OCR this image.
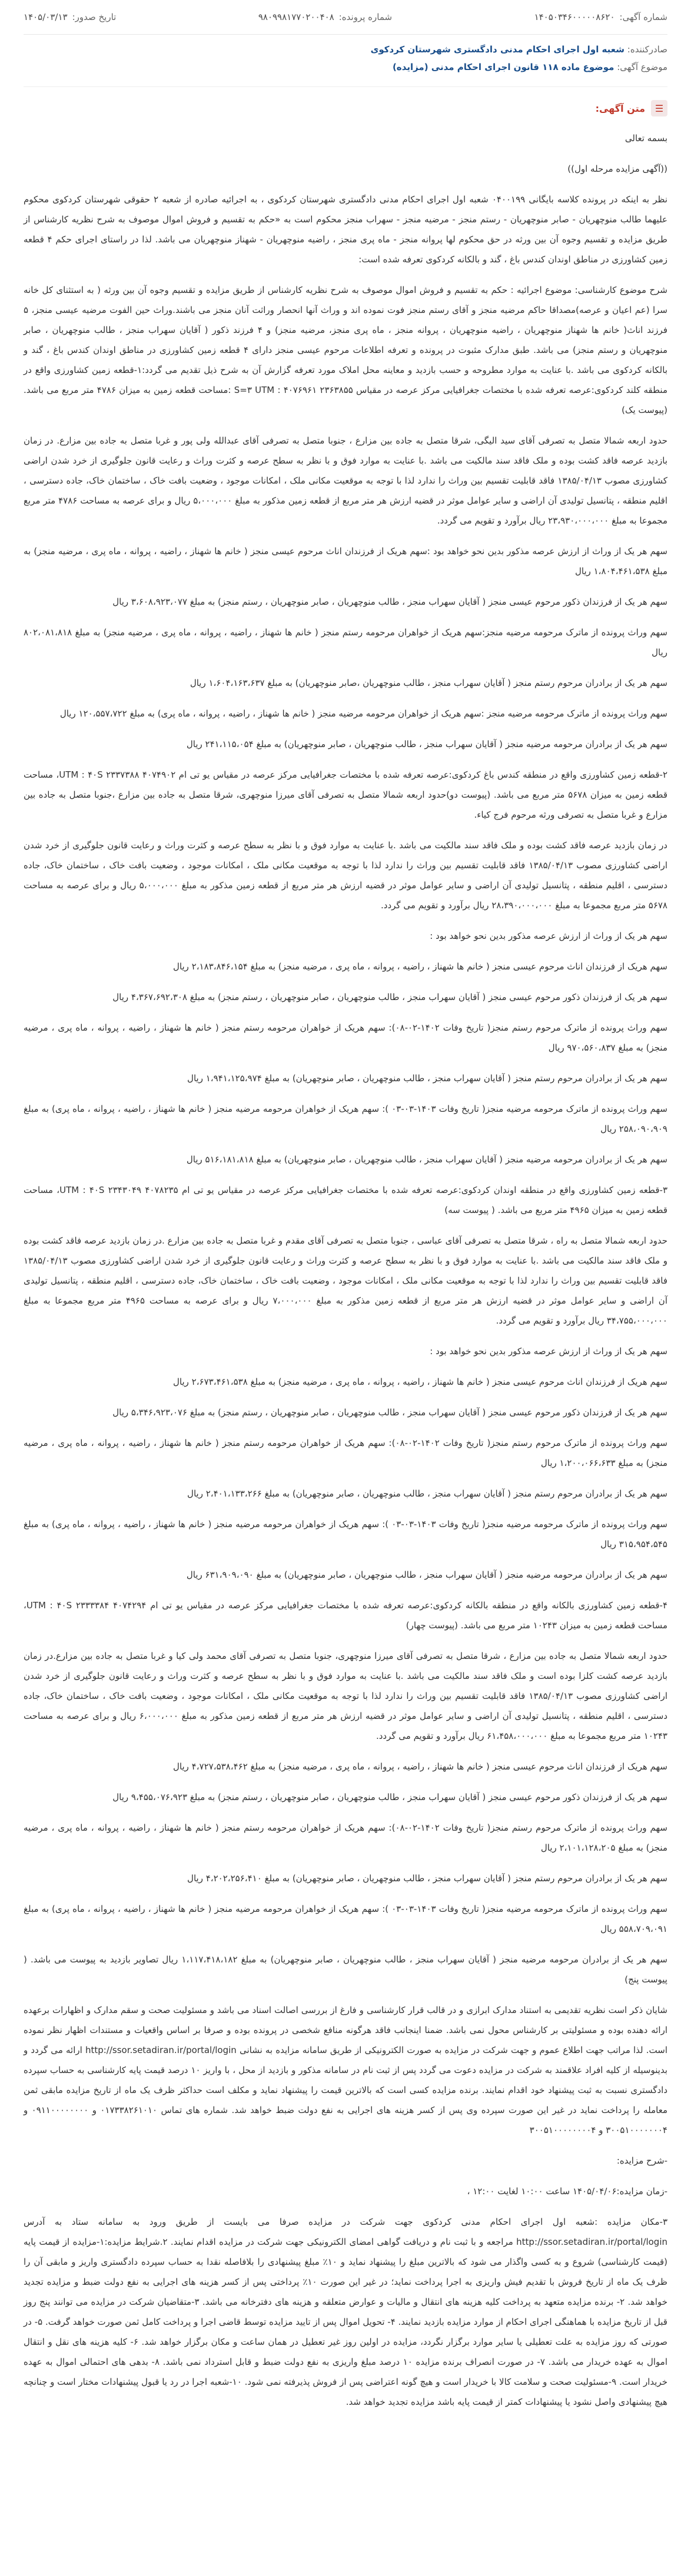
شماره آگهی:
۱۴۰۵۰۳۴۶۰۰۰۰۰۸۶۲۰
شماره پرونده:
۹۸۰۹۹۸۱۷۷۰۲۰۰۴۰۸
تاریخ صدور:
۱۴۰۵/۰۳/۱۳
صادرکننده: شعبه اول اجرای احکام مدنی دادگستری شهرستان کردکوی
موضوع آگهی: موضوع ماده ۱۱۸ قانون اجرای احکام مدنی (مزایده)
☰
متن آگهی:

بسمه تعالی

((آگهی مزایده مرحله اول))

نظر به اینکه در پرونده کلاسه بایگانی ۰۴۰۰۱۹۹ شعبه اول اجرای احکام مدنی دادگستری شهرستان کردکوی ، به اجرائیه صادره از شعبه ۲ حقوقی شهرستان کردکوی محکوم علیهما طالب منوچهریان - صابر منوچهریان - رستم منجز - مرضیه منجز - سهراب منجز محکوم است به «حکم به تقسیم و فروش اموال موصوف به شرح نظریه کارشناس از طریق مزایده و تقسیم وجوه آن بین ورثه در حق محکوم لها پروانه منجز - ماه پری منجز ، راضیه منوچهریان - شهناز منوچهریان می باشد. لذا در راستای اجرای حکم ۴ قطعه زمین کشاورزی در مناطق اوندان کندس باغ ، گند و بالکانه کردکوی تعرفه شده است:

شرح موضوع کارشناسی: موضوع اجرائیه : حکم به تقسیم و فروش اموال موصوف به شرح نظریه کارشناس از طریق مزایده و تقسیم وجوه آن بین ورثه ( به استثنای کل خانه سرا (عم اعیان و عرصه)مصداقا حاکم مرضیه منجز و آقای رستم منجز فوت نموده اند و وراث آنها انحصار وراثت آنان منجز می باشند.وراث حین الفوت مرضیه عیسی منجز، ۵ فرزند اناث( خانم ها شهناز منوچهریان ، راضیه منوچهریان ، پروانه منجز ، ماه پری منجز، مرضیه منجز) و ۴ فرزند ذکور ( آقایان سهراب منجز ، طالب منوچهریان ، صابر منوچهریان و رستم منجز) می باشد. طبق مدارک مثبوت در پرونده و تعرفه اطلاعات مرحوم عیسی منجز دارای ۴ قطعه زمین کشاورزی در مناطق اوندان کندس باغ ، گند و بالکانه کردکوی می باشد .با عنایت به موارد مطروحه و حسب بازدید و معاینه محل املاک مورد تعرفه گزارش آن به شرح ذیل تقدیم می گردد:۱-قطعه زمین کشاورزی واقع در منطقه کلند کردکوی:عرصه تعرفه شده با مختصات جغرافیایی مرکز عرصه در مقیاس ۲۳۶۳۸۵۵ S=۳ UTM : ۴۰۷۶۹۶۱ :مساحت قطعه زمین به میزان ۴۷۸۶ متر مربع می باشد. (پیوست یک)

حدود اربعه شمالا متصل به تصرفی آقای سید الیگی، شرقا متصل به جاده بین مزارع ، جنوبا متصل به تصرفی آقای عبدالله ولی پور و غربا متصل به جاده بین مزارع. در زمان بازدید عرصه فاقد کشت بوده و ملک فاقد سند مالکیت می باشد .با عنایت به موارد فوق و با نظر به سطح عرصه و کثرت وراث و رعایت قانون جلوگیری از خرد شدن اراضی کشاورزی مصوب ۱۳۸۵/۰۴/۱۳ فاقد قابلیت تقسیم بین وراث را ندارد لذا با توجه به موقعیت مکانی ملک ، امکانات موجود ، وضعیت بافت خاک ، ساختمان خاک، جاده دسترسی ، اقلیم منطقه ، پتانسیل تولیدی آن اراضی و سایر عوامل موثر در قضیه ارزش هر متر مربع از قطعه زمین مذکور به مبلغ ۵،۰۰۰،۰۰۰ ریال و برای عرصه به مساحت ۴۷۸۶ متر مربع مجموعا به مبلغ ۲۳،۹۳۰،۰۰۰،۰۰۰ ریال برآورد و تقویم می گردد.

سهم هر یک از وراث از ارزش عرصه مذکور بدین نحو خواهد بود :سهم هریک از فرزندان اناث مرحوم عیسی منجز ( خانم ها شهناز ، راضیه ، پروانه ، ماه پری ، مرضیه منجز) به مبلغ ۱،۸۰۴،۴۶۱،۵۳۸ ریال

سهم هر یک از فرزندان ذکور مرحوم عیسی منجز ( آقایان سهراب منجز ، طالب منوچهریان ، صابر منوچهریان ، رستم منجز) به مبلغ ۳،۶۰۸،۹۲۳،۰۷۷ ریال

سهم وراث پرونده از ماترک مرحومه مرضیه منجز:سهم هریک از خواهران مرحومه رستم منجز ( خانم ها شهناز ، راضیه ، پروانه ، ماه پری ، مرضیه منجز) به مبلغ ۸۰۲،۰۸۱،۸۱۸ ریال

سهم هر یک از برادران مرحوم رستم منجز ( آقایان سهراب منجز ، طالب منوچهریان ،صابر منوچهریان) به مبلغ ۱،۶۰۴،۱۶۳،۶۳۷ ریال

سهم وراث پرونده از ماترک مرحومه مرضیه منجز :سهم هریک از خواهران مرحومه مرضیه منجز ( خانم ها شهناز ، راضیه ، پروانه ، ماه پری) به مبلغ ۱۲۰،۵۵۷،۷۲۲ ریال

سهم هر یک از برادران مرحومه مرضیه منجز ( آقایان سهراب منجز ، طالب منوچهریان ، صابر منوچهریان) به مبلغ ۲۴۱،۱۱۵،۰۵۴ ریال

۲-قطعه زمین کشاورزی واقع در منطقه کندس باغ کردکوی:عرصه تعرفه شده با مختصات جغرافیایی مرکز عرصه در مقیاس یو تی ام UTM : ۴۰S ۲۳۳۷۳۸۸ ۴۰۷۴۹۰۲، مساحت قطعه زمین به میزان ۵۶۷۸ متر مربع می باشد. (پیوست دو)حدود اربعه شمالا متصل به تصرفی آقای میرزا منوچهری، شرقا متصل به جاده بین مزارع ،جنوبا متصل به جاده بین مزارع و غربا متصل به تصرفی ورثه مرحوم فرج کیاء.

در زمان بازدید عرصه فاقد کشت بوده و ملک فاقد سند مالکیت می باشد .با عنایت به موارد فوق و با نظر به سطح عرصه و کثرت وراث و رعایت قانون جلوگیری از خرد شدن اراضی کشاورزی مصوب ۱۳۸۵/۰۴/۱۳ فاقد قابلیت تقسیم بین وراث را ندارد لذا با توجه به موقعیت مکانی ملک ، امکانات موجود ، وضعیت بافت خاک ، ساختمان خاک، جاده دسترسی ، اقلیم منطقه ، پتانسیل تولیدی آن اراضی و سایر عوامل موثر در قضیه ارزش هر متر مربع از قطعه زمین مذکور به مبلغ ۵،۰۰۰،۰۰۰ ریال و برای عرصه به مساحت ۵۶۷۸ متر مربع مجموعا به مبلغ ۲۸،۳۹۰،۰۰۰،۰۰۰ ریال برآورد و تقویم می گردد.

سهم هر یک از وراث از ارزش عرصه مذکور بدین نحو خواهد بود :

سهم هریک از فرزندان اناث مرحوم عیسی منجز ( خانم ها شهناز ، راضیه ، پروانه ، ماه پری ، مرضیه منجز) به مبلغ ۲،۱۸۳،۸۴۶،۱۵۴ ریال

سهم هر یک از فرزندان ذکور مرحوم عیسی منجز ( آقایان سهراب منجز ، طالب منوچهریان ، صابر منوچهریان ، رستم منجز) به مبلغ ۴،۳۶۷،۶۹۲،۳۰۸ ریال

سهم وراث پرونده از ماترک مرحوم رستم منجز( تاریخ وفات ۱۴۰۲-۰۲-۰۸): سهم هریک از خواهران مرحومه رستم منجز ( خانم ها شهناز ، راضیه ، پروانه ، ماه پری ، مرضیه منجز) به مبلغ ۹۷۰،۵۶۰،۸۳۷ ریال

سهم هر یک از برادران مرحوم رستم منجز ( آقایان سهراب منجز ، طالب منوچهریان ، صابر منوچهریان) به مبلغ ۱،۹۴۱،۱۲۵،۹۷۴ ریال

سهم وراث پرونده از ماترک مرحومه مرضیه منجز( تاریخ وفات ۱۴۰۳-۰۳-۰۳ ): سهم هریک از خواهران مرحومه مرضیه منجز ( خانم ها شهناز ، راضیه ، پروانه ، ماه پری) به مبلغ ۲۵۸،۰۹۰،۹۰۹ ریال

سهم هر یک از برادران مرحومه مرضیه منجز ( آقایان سهراب منجز ، طالب منوچهریان ، صابر منوچهریان) به مبلغ ۵۱۶،۱۸۱،۸۱۸ ریال

۳-قطعه زمین کشاورزی واقع در منطقه اوندان کردکوی:عرصه تعرفه شده با مختصات جغرافیایی مرکز عرصه در مقیاس یو تی ام UTM : ۴۰S ۲۳۴۳۰۴۹ ۴۰۷۸۲۳۵، مساحت قطعه زمین به میزان ۴۹۶۵ متر مربع می باشد. ( پیوست سه)

حدود اربعه شمالا متصل به راه ، شرقا متصل به تصرفی آقای عباسی ، جنوبا متصل به تصرفی آقای مقدم و غربا متصل به جاده بین مزارع .در زمان بازدید عرصه فاقد کشت بوده و ملک فاقد سند مالکیت می باشد .با عنایت به موارد فوق و با نظر به سطح عرصه و کثرت وراث و رعایت قانون جلوگیری از خرد شدن اراضی کشاورزی مصوب ۱۳۸۵/۰۴/۱۳ فاقد قابلیت تقسیم بین وراث را ندارد لذا با توجه به موقعیت مکانی ملک ، امکانات موجود ، وضعیت بافت خاک ، ساختمان خاک، جاده دسترسی ، اقلیم منطقه ، پتانسیل تولیدی آن اراضی و سایر عوامل موثر در قضیه ارزش هر متر مربع از قطعه زمین مذکور به مبلغ ۷،۰۰۰،۰۰۰ ریال و برای عرصه به مساحت ۴۹۶۵ متر مربع مجموعا به مبلغ ۳۴،۷۵۵،۰۰۰،۰۰۰ ریال برآورد و تقویم می گردد.

سهم هر یک از وراث از ارزش عرصه مذکور بدین نحو خواهد بود :

سهم هریک از فرزندان اناث مرحوم عیسی منجز ( خانم ها شهناز ، راضیه ، پروانه ، ماه پری ، مرضیه منجز) به مبلغ ۲،۶۷۳،۴۶۱،۵۳۸ ریال

سهم هر یک از فرزندان ذکور مرحوم عیسی منجز ( آقایان سهراب منجز ، طالب منوچهریان ، صابر منوچهریان ، رستم منجز) به مبلغ ۵،۳۴۶،۹۲۳،۰۷۶ ریال

سهم وراث پرونده از ماترک مرحوم رستم منجز( تاریخ وفات ۱۴۰۲-۰۲-۰۸): سهم هریک از خواهران مرحومه رستم منجز ( خانم ها شهناز ، راضیه ، پروانه ، ماه پری ، مرضیه منجز) به مبلغ ۱،۲۰۰،۰۶۶،۶۳۳ ریال

سهم هر یک از برادران مرحوم رستم منجز ( آقایان سهراب منجز ، طالب منوچهریان ، صابر منوچهریان) به مبلغ ۲،۴۰۱،۱۳۳،۲۶۶ ریال

سهم وراث پرونده از ماترک مرحومه مرضیه منجز( تاریخ وفات ۱۴۰۳-۰۳-۰۳ ): سهم هریک از خواهران مرحومه مرضیه منجز ( خانم ها شهناز ، راضیه ، پروانه ، ماه پری) به مبلغ ۳۱۵،۹۵۴،۵۴۵ ریال

سهم هر یک از برادران مرحومه مرضیه منجز ( آقایان سهراب منجز ، طالب منوچهریان ، صابر منوچهریان) به مبلغ ۶۳۱،۹۰۹،۰۹۰ ریال

۴-قطعه زمین کشاورزی بالکانه واقع در منطقه بالکانه کردکوی:عرصه تعرفه شده با مختصات جغرافیایی مرکز عرصه در مقیاس یو تی ام UTM : ۴۰S ۲۳۳۳۳۸۴ ۴۰۷۴۲۹۴، مساحت قطعه زمین به میزان ۱۰۲۴۳ متر مربع می باشد. (پیوست چهار)

حدود اربعه شمالا متصل به جاده بین مزارع ، شرقا متصل به تصرفی آقای میرزا منوچهری، جنوبا متصل به تصرفی آقای محمد ولی کیا و غربا متصل به جاده بین مزارع.در زمان بازدید عرصه کشت کلزا بوده است و ملک فاقد سند مالکیت می باشد .با عنایت به موارد فوق و با نظر به سطح عرصه و کثرت وراث و رعایت قانون جلوگیری از خرد شدن اراضی کشاورزی مصوب ۱۳۸۵/۰۴/۱۳ فاقد قابلیت تقسیم بین وراث را ندارد لذا با توجه به موقعیت مکانی ملک ، امکانات موجود ، وضعیت بافت خاک ، ساختمان خاک، جاده دسترسی ، اقلیم منطقه ، پتانسیل تولیدی آن اراضی و سایر عوامل موثر در قضیه ارزش هر متر مربع از قطعه زمین مذکور به مبلغ ۶،۰۰۰،۰۰۰ ریال و برای عرصه به مساحت ۱۰۲۴۳ متر مربع مجموعا به مبلغ ۶۱،۴۵۸،۰۰۰،۰۰۰ ریال برآورد و تقویم می گردد.

سهم هریک از فرزندان اناث مرحوم عیسی منجز ( خانم ها شهناز ، راضیه ، پروانه ، ماه پری ، مرضیه منجز) به مبلغ ۴،۷۲۷،۵۳۸،۴۶۲ ریال

سهم هر یک از فرزندان ذکور مرحوم عیسی منجز ( آقایان سهراب منجز ، طالب منوچهریان ، صابر منوچهریان ، رستم منجز) به مبلغ ۹،۴۵۵،۰۷۶،۹۲۳ ریال

سهم وراث پرونده از ماترک مرحوم رستم منجز( تاریخ وفات ۱۴۰۲-۰۲-۰۸): سهم هریک از خواهران مرحومه رستم منجز ( خانم ها شهناز ، راضیه ، پروانه ، ماه پری ، مرضیه منجز) به مبلغ ۲،۱۰۱،۱۲۸،۲۰۵ ریال

سهم هر یک از برادران مرحوم رستم منجز ( آقایان سهراب منجز ، طالب منوچهریان ، صابر منوچهریان) به مبلغ ۴،۲۰۲،۲۵۶،۴۱۰ ریال

سهم وراث پرونده از ماترک مرحومه مرضیه منجز( تاریخ وفات ۱۴۰۳-۰۳-۰۳ ): سهم هریک از خواهران مرحومه مرضیه منجز ( خانم ها شهناز ، راضیه ، پروانه ، ماه پری) به مبلغ ۵۵۸،۷۰۹،۰۹۱ ریال

سهم هر یک از برادران مرحومه مرضیه منجز ( آقایان سهراب منجز ، طالب منوچهریان ، صابر منوچهریان) به مبلغ ۱،۱۱۷،۴۱۸،۱۸۲ ریال تصاویر بازدید به پیوست می باشد. ( پیوست پنج)

شایان ذکر است نظریه تقدیمی به استناد مدارک ابرازی و در قالب قرار کارشناسی و فارغ از بررسی اصالت اسناد می باشد و مسئولیت صحت و سقم مدارک و اظهارات برعهده ارائه دهنده بوده و مسئولیتی بر کارشناس محول نمی باشد. ضمنا اینجانب فاقد هرگونه منافع شخصی در پرونده بوده و صرفا بر اساس واقعیات و مستندات اظهار نظر نموده است. لذا مراتب جهت اطلاع عموم و جهت شرکت در مزایده به صورت الکترونیکی از طریق سامانه مزایده به نشانی http://ssor.setadiran.ir/portal/login ارائه می گردد و بدینوسیله از کلیه افراد علاقمند به شرکت در مزایده دعوت می گردد پس از ثبت نام در سامانه مذکور و بازدید از محل ، با واریز ۱۰ درصد قیمت پایه کارشناسی به حساب سپرده دادگستری نسبت به ثبت پیشنهاد خود اقدام نمایند. برنده مزایده کسی است که بالاترین قیمت را پیشنهاد نماید و مکلف است حداکثر ظرف یک ماه از تاریخ مزایده مابقی ثمن معامله را پرداخت نماید در غیر این صورت سپرده وی پس از کسر هزینه های اجرایی به نفع دولت ضبط خواهد شد. شماره های تماس ۰۱۷۳۳۸۲۶۱۰۱۰ و ۰۹۱۱۰۰۰۰۰۰۰۰ و ۳۰۰۵۱۰۰۰۰۰۰۰۴ و ۳۰۰۵۱۰۰۰۰۰۰۰۰۴

-شرح مزایده:

-زمان مزایده:۱۴۰۵/۰۴/۰۶ ساعت ۱۰:۰۰ لغایت ۱۲:۰۰ ،

۳-مکان مزایده :شعبه اول اجرای احکام مدنی کردکوی جهت شرکت در مزایده صرفا می بایست از طریق ورود به سامانه ستاد به آدرس http://ssor.setadiran.ir/portal/login مراجعه و با ثبت نام و دریافت گواهی امضای الکترونیکی جهت شرکت در مزایده اقدام نمایند. ۲.شرایط مزایده:۱-مزایده از قیمت پایه (قیمت کارشناسی) شروع و به کسی واگذار می شود که بالاترین مبلغ را پیشنهاد نماید و ۱۰٪ مبلغ پیشنهادی را بلافاصله نقدا به حساب سپرده دادگستری واریز و مابقی آن را ظرف یک ماه از تاریخ فروش با تقدیم فیش واریزی به اجرا پرداخت نماید؛ در غیر این صورت ۱۰٪ پرداختی پس از کسر هزینه های اجرایی به نفع دولت ضبط و مزایده تجدید خواهد شد. ۲- برنده مزایده متعهد به پرداخت کلیه هزینه های انتقال و مالیات و عوارض متعلقه و هزینه های دفترخانه می باشد. ۳-متقاضیان شرکت در مزایده می توانند پنج روز قبل از تاریخ مزایده با هماهنگی اجرای احکام از موارد مزایده بازدید نمایند. ۴- تحویل اموال پس از تایید مزایده توسط قاضی اجرا و پرداخت کامل ثمن صورت خواهد گرفت. ۵- در صورتی که روز مزایده به علت تعطیلی یا سایر موارد برگزار نگردد، مزایده در اولین روز غیر تعطیل در همان ساعت و مکان برگزار خواهد شد. ۶- کلیه هزینه های نقل و انتقال اموال به عهده خریدار می باشد. ۷- در صورت انصراف برنده مزایده ۱۰ درصد مبلغ واریزی به نفع دولت ضبط و قابل استرداد نمی باشد. ۸- بدهی های احتمالی اموال به عهده خریدار است. ۹-مسئولیت صحت و سلامت کالا با خریدار است و هیچ گونه اعتراضی پس از فروش پذیرفته نمی شود. ۱۰-شعبه اجرا در رد یا قبول پیشنهادات مختار است و چنانچه هیچ پیشنهادی واصل نشود یا پیشنهادات کمتر از قیمت پایه باشد مزایده تجدید خواهد شد.
